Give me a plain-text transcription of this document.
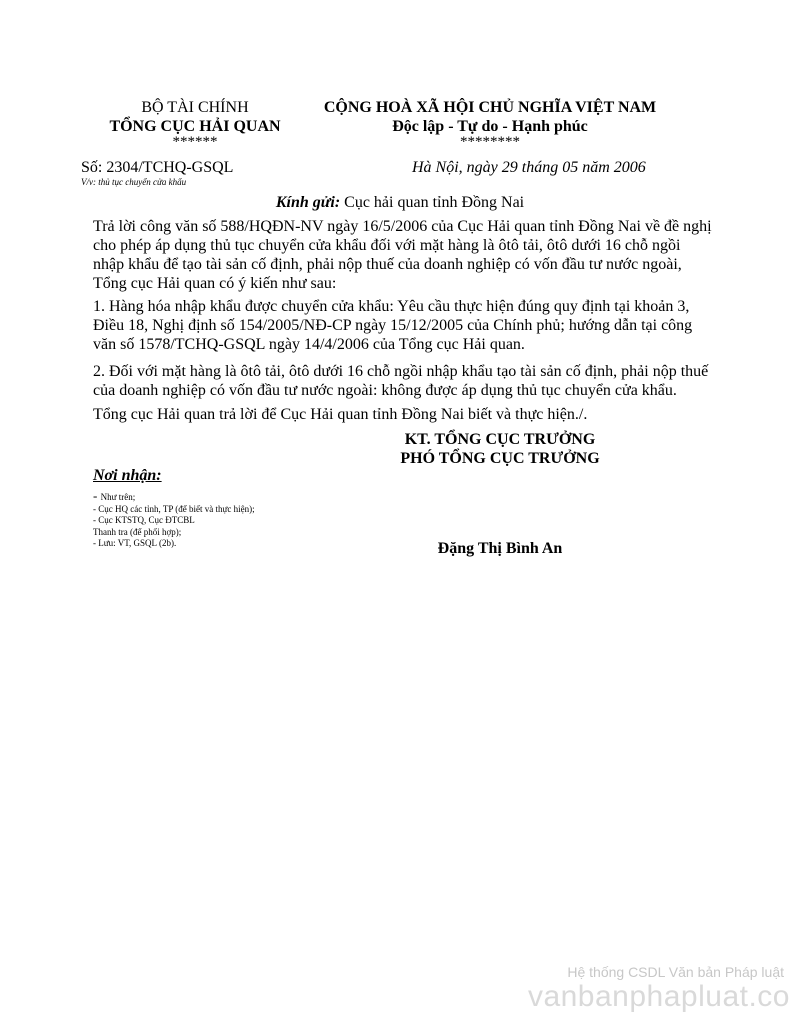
BỘ TÀI CHÍNH
TỔNG CỤC HẢI QUAN
******
CỘNG HOÀ XÃ HỘI CHỦ NGHĨA VIỆT NAM
Độc lập - Tự do - Hạnh phúc
********
Số: 2304/TCHQ-GSQL
V/v: thủ tục chuyển cửa khẩu
Hà Nội, ngày 29 tháng 05 năm 2006
Kính gửi: Cục hải quan tỉnh Đồng Nai
Trả lời công văn số 588/HQĐN-NV ngày 16/5/2006 của Cục Hải quan tỉnh Đồng Nai về đề nghị cho phép áp dụng thủ tục chuyển cửa khẩu đối với mặt hàng là ôtô tải, ôtô dưới 16 chỗ ngồi nhập khẩu để tạo tài sản cố định, phải nộp thuế của doanh nghiệp có vốn đầu tư nước ngoài, Tổng cục Hải quan có ý kiến như sau:
1. Hàng hóa nhập khẩu được chuyển cửa khẩu: Yêu cầu thực hiện đúng quy định tại khoản 3, Điều 18, Nghị định số 154/2005/NĐ-CP ngày 15/12/2005 của Chính phủ; hướng dẫn tại công văn số 1578/TCHQ-GSQL ngày 14/4/2006 của Tổng cục Hải quan.
2. Đối với mặt hàng là ôtô tải, ôtô dưới 16 chỗ ngồi nhập khẩu tạo tài sản cố định, phải nộp thuế của doanh nghiệp có vốn đầu tư nước ngoài: không được áp dụng thủ tục chuyển cửa khẩu.
Tổng cục Hải quan trả lời để Cục Hải quan tỉnh Đồng Nai biết và thực hiện./.
KT. TỔNG CỤC TRƯỞNG
PHÓ TỔNG CỤC TRƯỞNG
Đặng Thị Bình An
Nơi nhận:
- Như trên;
- Cục HQ các tỉnh, TP (để biết và thực hiện);
- Cục KTSTQ, Cục ĐTCBL
Thanh tra (để phối hợp);
- Lưu: VT, GSQL (2b).
Hệ thống CSDL Văn bản Pháp luật
vanbanphapluat.co
